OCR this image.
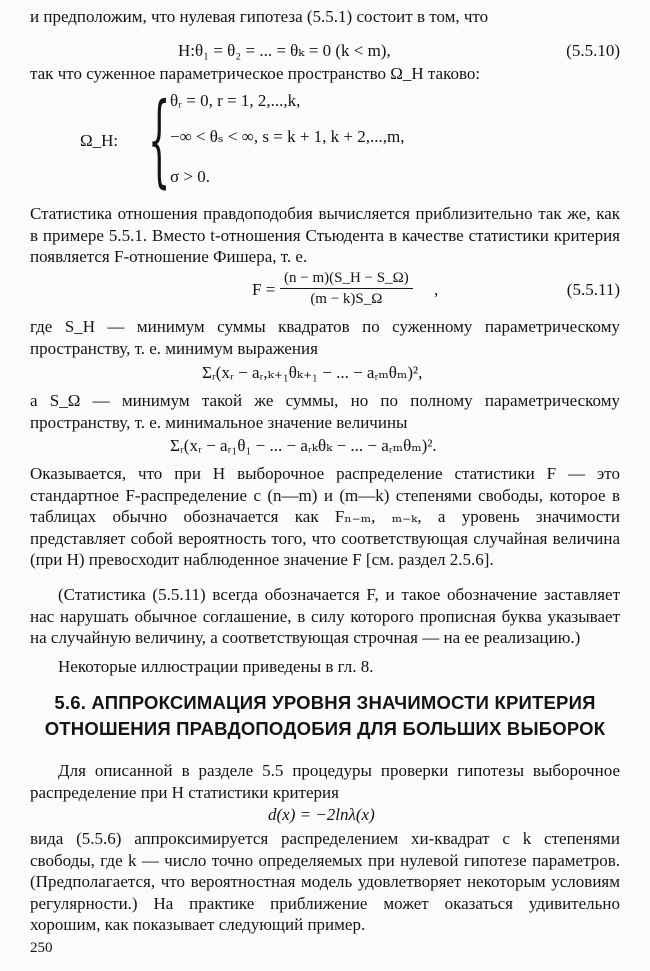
и предположим, что нулевая гипотеза (5.5.1) состоит в том, что

H:θ₁ = θ₂ = ... = θₖ = 0 (k < m),	(5.5.10)

так что суженное параметрическое пространство Ω_H таково:

Ω_H: { θᵣ = 0, r = 1, 2,...,k,
−∞ < θₛ < ∞, s = k + 1, k + 2,...,m,
σ > 0.

Статистика отношения правдоподобия вычисляется приблизительно так же, как в примере 5.5.1. Вместо t-отношения Стьюдента в качестве статистики критерия появляется F-отношение Фишера, т. е.

$F = \frac{(n - m)(S\_H - S\_\Omega)}{(m - k)S\_\Omega}$ ,	(5.5.11)

где S_H — минимум суммы квадратов по суженному параметрическому пространству, т. е. минимум выражения

Σᵣ(xᵣ − aᵣ,ₖ₊₁θₖ₊₁ − ... − aᵣₘθₘ)²,

а S_Ω — минимум такой же суммы, но по полному параметрическому пространству, т. е. минимальное значение величины

Σᵣ(xᵣ − aᵣ₁θ₁ − ... − aᵣₖθₖ − ... − aᵣₘθₘ)².

Оказывается, что при H выборочное распределение статистики F — это стандартное F-распределение с (n—m) и (m—k) степенями свободы, которое в таблицах обычно обозначается как Fₙ₋ₘ, ₘ₋ₖ, а уровень значимости представляет собой вероятность того, что соответствующая случайная величина (при H) превосходит наблюденное значение F [см. раздел 2.5.6].

(Статистика (5.5.11) всегда обозначается F, и такое обозначение заставляет нас нарушать обычное соглашение, в силу которого прописная буква указывает на случайную величину, а соответствующая строчная — на ее реализацию.)

Некоторые иллюстрации приведены в гл. 8.

5.6. АППРОКСИМАЦИЯ УРОВНЯ ЗНАЧИМОСТИ КРИТЕРИЯ
ОТНОШЕНИЯ ПРАВДОПОДОБИЯ ДЛЯ БОЛЬШИХ ВЫБОРОК

Для описанной в разделе 5.5 процедуры проверки гипотезы выборочное распределение при H статистики критерия

d(x) = −2lnλ(x)

вида (5.5.6) аппроксимируется распределением хи-квадрат с k степенями свободы, где k — число точно определяемых при нулевой гипотезе параметров. (Предполагается, что вероятностная модель удовлетворяет некоторым условиям регулярности.) На практике приближение может оказаться удивительно хорошим, как показывает следующий пример.

250
